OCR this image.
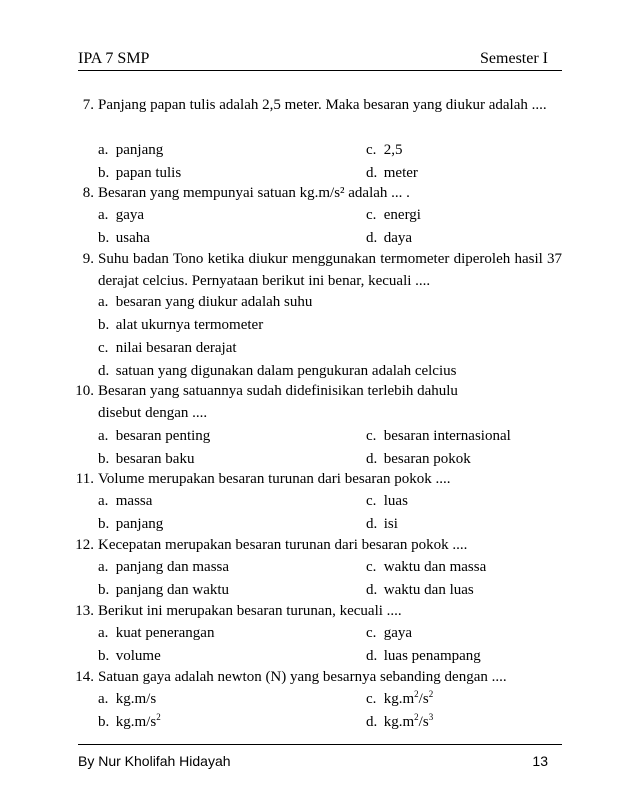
IPA 7 SMP	Semester I
7. Panjang papan tulis adalah 2,5 meter. Maka besaran yang diukur adalah ....
a. panjang	c. 2,5
b. papan tulis	d. meter
8. Besaran yang mempunyai satuan kg.m/s² adalah ... .
a. gaya	c. energi
b. usaha	d. daya
9. Suhu badan Tono ketika diukur menggunakan termometer diperoleh hasil 37 derajat celcius. Pernyataan berikut ini benar, kecuali ....
a. besaran yang diukur adalah suhu
b. alat ukurnya termometer
c. nilai besaran derajat
d. satuan yang digunakan dalam pengukuran adalah celcius
10. Besaran yang satuannya sudah didefinisikan terlebih dahulu
disebut dengan ....
a. besaran penting	c. besaran internasional
b. besaran baku	d. besaran pokok
11. Volume merupakan besaran turunan dari besaran pokok ....
a. massa	c. luas
b. panjang	d. isi
12. Kecepatan merupakan besaran turunan dari besaran pokok ....
a. panjang dan massa	c. waktu dan massa
b. panjang dan waktu	d. waktu dan luas
13. Berikut ini merupakan besaran turunan, kecuali ....
a. kuat penerangan	c. gaya
b. volume	d. luas penampang
14. Satuan gaya adalah newton (N) yang besarnya sebanding dengan ....
a. kg.m/s	c. $kg.m^2/s^2$
b. $kg.m/s^2$	d. $kg.m^2/s^3$
By Nur Kholifah Hidayah	13
